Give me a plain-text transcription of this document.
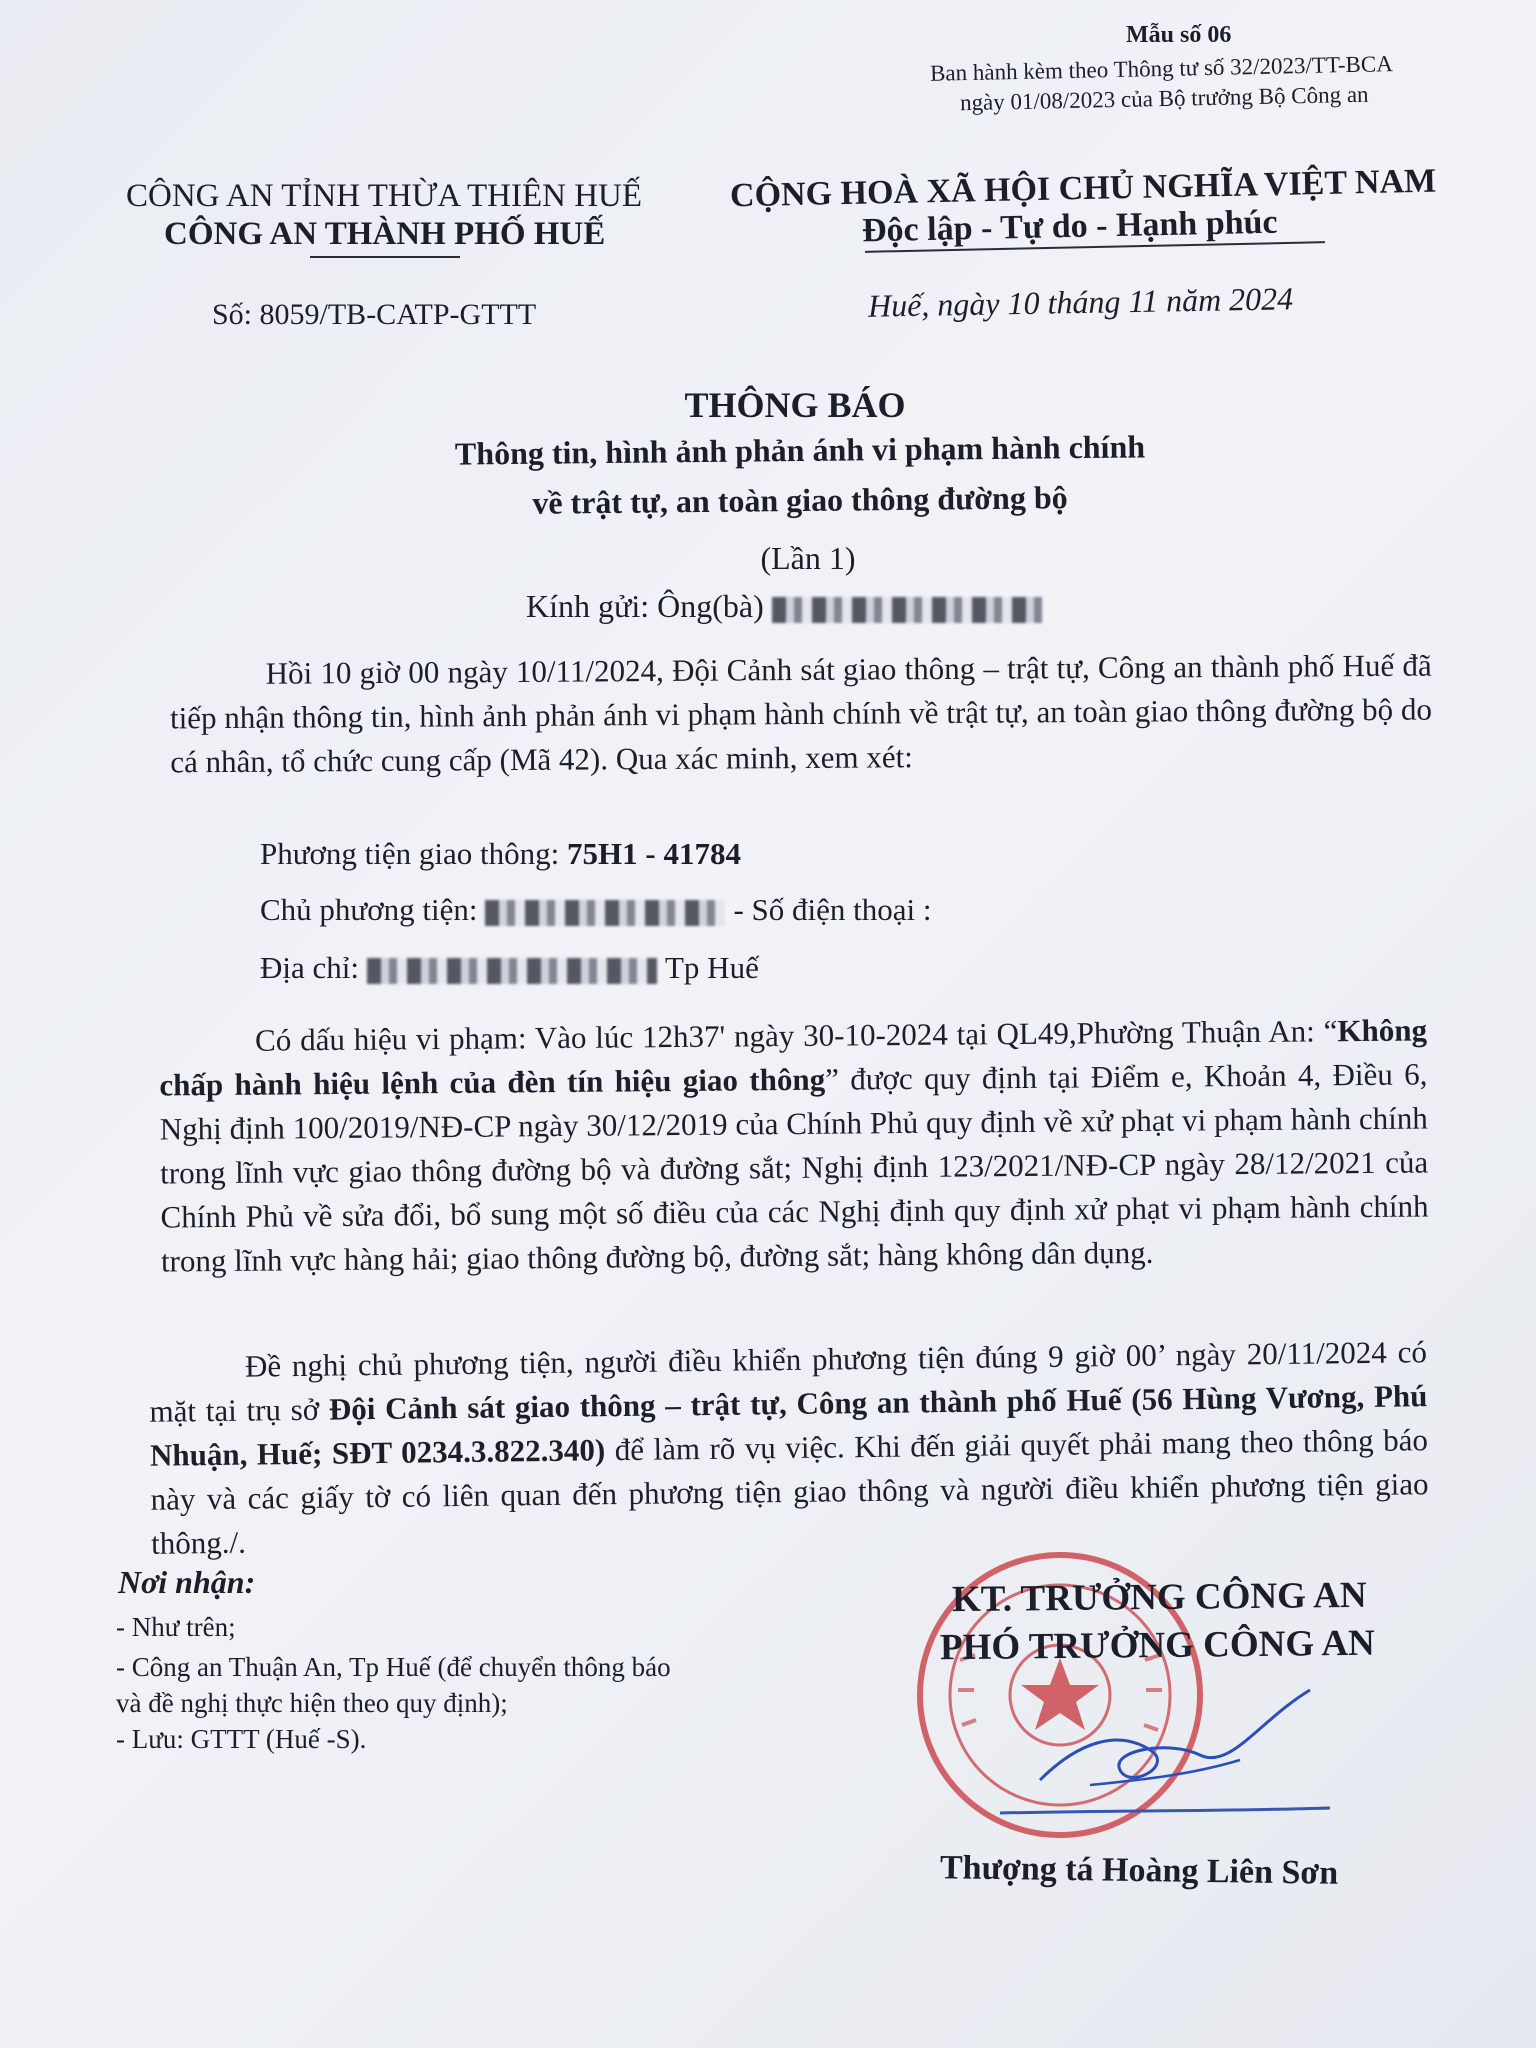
Mẫu số 06
Ban hành kèm theo Thông tư số 32/2023/TT-BCA
ngày 01/08/2023 của Bộ trưởng Bộ Công an
CÔNG AN TỈNH THỪA THIÊN HUẾ
CÔNG AN THÀNH PHỐ HUẾ
CỘNG HOÀ XÃ HỘI CHỦ NGHĨA VIỆT NAM
Độc lập - Tự do - Hạnh phúc
Số: 8059/TB-CATP-GTTT	Huế, ngày 10 tháng 11 năm 2024
THÔNG BÁO
Thông tin, hình ảnh phản ánh vi phạm hành chính
về trật tự, an toàn giao thông đường bộ
(Lần 1)
Kính gửi: Ông(bà)
Hồi 10 giờ 00 ngày 10/11/2024, Đội Cảnh sát giao thông – trật tự, Công an thành phố Huế đã tiếp nhận thông tin, hình ảnh phản ánh vi phạm hành chính về trật tự, an toàn giao thông đường bộ do cá nhân, tổ chức cung cấp (Mã 42). Qua xác minh, xem xét:
Phương tiện giao thông: 75H1 - 41784
Chủ phương tiện:	- Số điện thoại :
Địa chỉ:	Tp Huế
Có dấu hiệu vi phạm: Vào lúc 12h37' ngày 30-10-2024 tại QL49,Phường Thuận An: “Không chấp hành hiệu lệnh của đèn tín hiệu giao thông” được quy định tại Điểm e, Khoản 4, Điều 6, Nghị định 100/2019/NĐ-CP ngày 30/12/2019 của Chính Phủ quy định về xử phạt vi phạm hành chính trong lĩnh vực giao thông đường bộ và đường sắt; Nghị định 123/2021/NĐ-CP ngày 28/12/2021 của Chính Phủ về sửa đổi, bổ sung một số điều của các Nghị định quy định xử phạt vi phạm hành chính trong lĩnh vực hàng hải; giao thông đường bộ, đường sắt; hàng không dân dụng.
Đề nghị chủ phương tiện, người điều khiển phương tiện đúng 9 giờ 00’ ngày 20/11/2024 có mặt tại trụ sở Đội Cảnh sát giao thông – trật tự, Công an thành phố Huế (56 Hùng Vương, Phú Nhuận, Huế; SĐT 0234.3.822.340) để làm rõ vụ việc. Khi đến giải quyết phải mang theo thông báo này và các giấy tờ có liên quan đến phương tiện giao thông và người điều khiển phương tiện giao thông./.
Nơi nhận:
- Như trên;
- Công an Thuận An, Tp Huế (để chuyển thông báo
và đề nghị thực hiện theo quy định);
- Lưu: GTTT (Huế -S).
KT. TRƯỞNG CÔNG AN
PHÓ TRƯỞNG CÔNG AN
Thượng tá Hoàng Liên Sơn
